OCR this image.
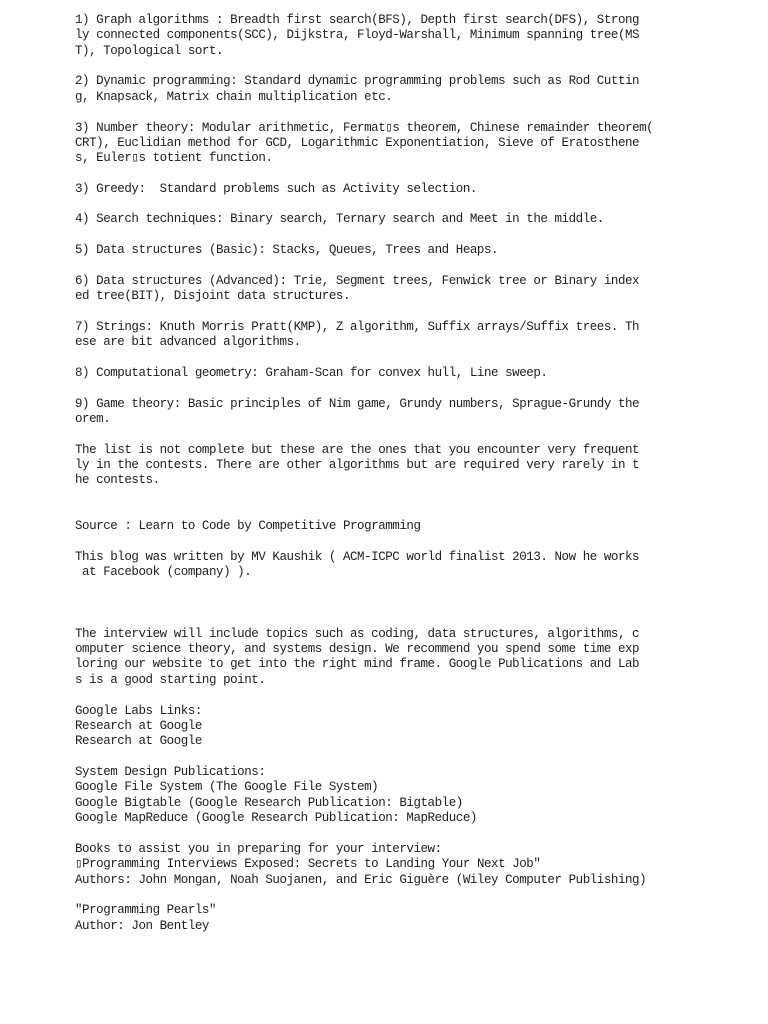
1) Graph algorithms : Breadth first search(BFS), Depth first search(DFS), Strong

ly connected components(SCC), Dijkstra, Floyd-Warshall, Minimum spanning tree(MS

T), Topological sort.

2) Dynamic programming: Standard dynamic programming problems such as Rod Cuttin

g, Knapsack, Matrix chain multiplication etc.

3) Number theory: Modular arithmetic, Fermat▯s theorem, Chinese remainder theorem(

CRT), Euclidian method for GCD, Logarithmic Exponentiation, Sieve of Eratosthene

s, Euler▯s totient function.

3) Greedy:  Standard problems such as Activity selection.

4) Search techniques: Binary search, Ternary search and Meet in the middle.

5) Data structures (Basic): Stacks, Queues, Trees and Heaps.

6) Data structures (Advanced): Trie, Segment trees, Fenwick tree or Binary index

ed tree(BIT), Disjoint data structures.

7) Strings: Knuth Morris Pratt(KMP), Z algorithm, Suffix arrays/Suffix trees. Th

ese are bit advanced algorithms.

8) Computational geometry: Graham-Scan for convex hull, Line sweep.

9) Game theory: Basic principles of Nim game, Grundy numbers, Sprague-Grundy the

orem.

The list is not complete but these are the ones that you encounter very frequent

ly in the contests. There are other algorithms but are required very rarely in t

he contests.

Source : Learn to Code by Competitive Programming

This blog was written by MV Kaushik ( ACM-ICPC world finalist 2013. Now he works

at Facebook (company) ).

The interview will include topics such as coding, data structures, algorithms, c

omputer science theory, and systems design. We recommend you spend some time exp

loring our website to get into the right mind frame. Google Publications and Lab

s is a good starting point.

Google Labs Links:

Research at Google

Research at Google

System Design Publications:

Google File System (The Google File System)

Google Bigtable (Google Research Publication: Bigtable)

Google MapReduce (Google Research Publication: MapReduce)

Books to assist you in preparing for your interview:

▯Programming Interviews Exposed: Secrets to Landing Your Next Job"

Authors: John Mongan, Noah Suojanen, and Eric Giguère (Wiley Computer Publishing)

"Programming Pearls"

Author: Jon Bentley
